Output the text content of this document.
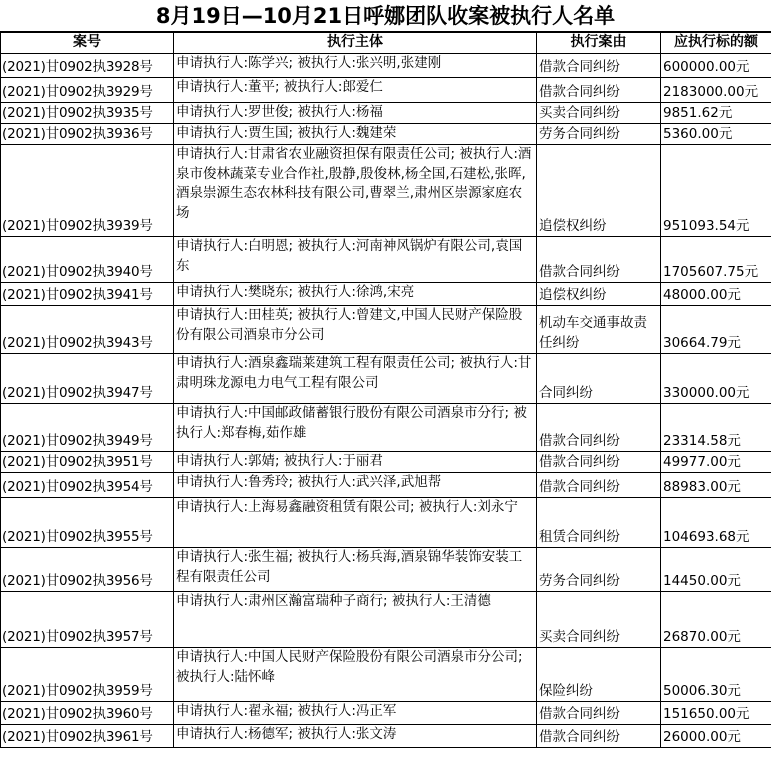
8月19日—10月21日呼娜团队收案被执行人名单
案号	执行主体	执行案由	应执行标的额
(2021)甘0902执3928号	申请执行人:陈学兴; 被执行人:张兴明,张建刚	借款合同纠纷	600000.00元
(2021)甘0902执3929号	申请执行人:董平; 被执行人:郎爱仁	借款合同纠纷	2183000.00元
(2021)甘0902执3935号	申请执行人:罗世俊; 被执行人:杨福	买卖合同纠纷	9851.62元
(2021)甘0902执3936号	申请执行人:贾生国; 被执行人:魏建荣	劳务合同纠纷	5360.00元
(2021)甘0902执3939号	申请执行人:甘肃省农业融资担保有限责任公司; 被执行人:酒泉市俊林蔬菜专业合作社,殷静,殷俊林,杨全国,石建松,张晖,酒泉崇源生态农林科技有限公司,曹翠兰,肃州区崇源家庭农场	追偿权纠纷	951093.54元
(2021)甘0902执3940号	申请执行人:白明恩; 被执行人:河南神风锅炉有限公司,袁国东	借款合同纠纷	1705607.75元
(2021)甘0902执3941号	申请执行人:樊晓东; 被执行人:徐鸿,宋亮	追偿权纠纷	48000.00元
(2021)甘0902执3943号	申请执行人:田桂英; 被执行人:曾建文,中国人民财产保险股份有限公司酒泉市分公司	机动车交通事故责任纠纷	30664.79元
(2021)甘0902执3947号	申请执行人:酒泉鑫瑞莱建筑工程有限责任公司; 被执行人:甘肃明珠龙源电力电气工程有限公司	合同纠纷	330000.00元
(2021)甘0902执3949号	申请执行人:中国邮政储蓄银行股份有限公司酒泉市分行; 被执行人:郑春梅,茹作雄	借款合同纠纷	23314.58元
(2021)甘0902执3951号	申请执行人:郭婧; 被执行人:于丽君	借款合同纠纷	49977.00元
(2021)甘0902执3954号	申请执行人:鲁秀玲; 被执行人:武兴泽,武旭帮	借款合同纠纷	88983.00元
(2021)甘0902执3955号	申请执行人:上海易鑫融资租赁有限公司; 被执行人:刘永宁	租赁合同纠纷	104693.68元
(2021)甘0902执3956号	申请执行人:张生福; 被执行人:杨兵海,酒泉锦华装饰安装工程有限责任公司	劳务合同纠纷	14450.00元
(2021)甘0902执3957号	申请执行人:肃州区瀚富瑞种子商行; 被执行人:王清德	买卖合同纠纷	26870.00元
(2021)甘0902执3959号	申请执行人:中国人民财产保险股份有限公司酒泉市分公司; 被执行人:陆怀峰	保险纠纷	50006.30元
(2021)甘0902执3960号	申请执行人:翟永福; 被执行人:冯正军	借款合同纠纷	151650.00元
(2021)甘0902执3961号	申请执行人:杨德军; 被执行人:张文涛	借款合同纠纷	26000.00元
